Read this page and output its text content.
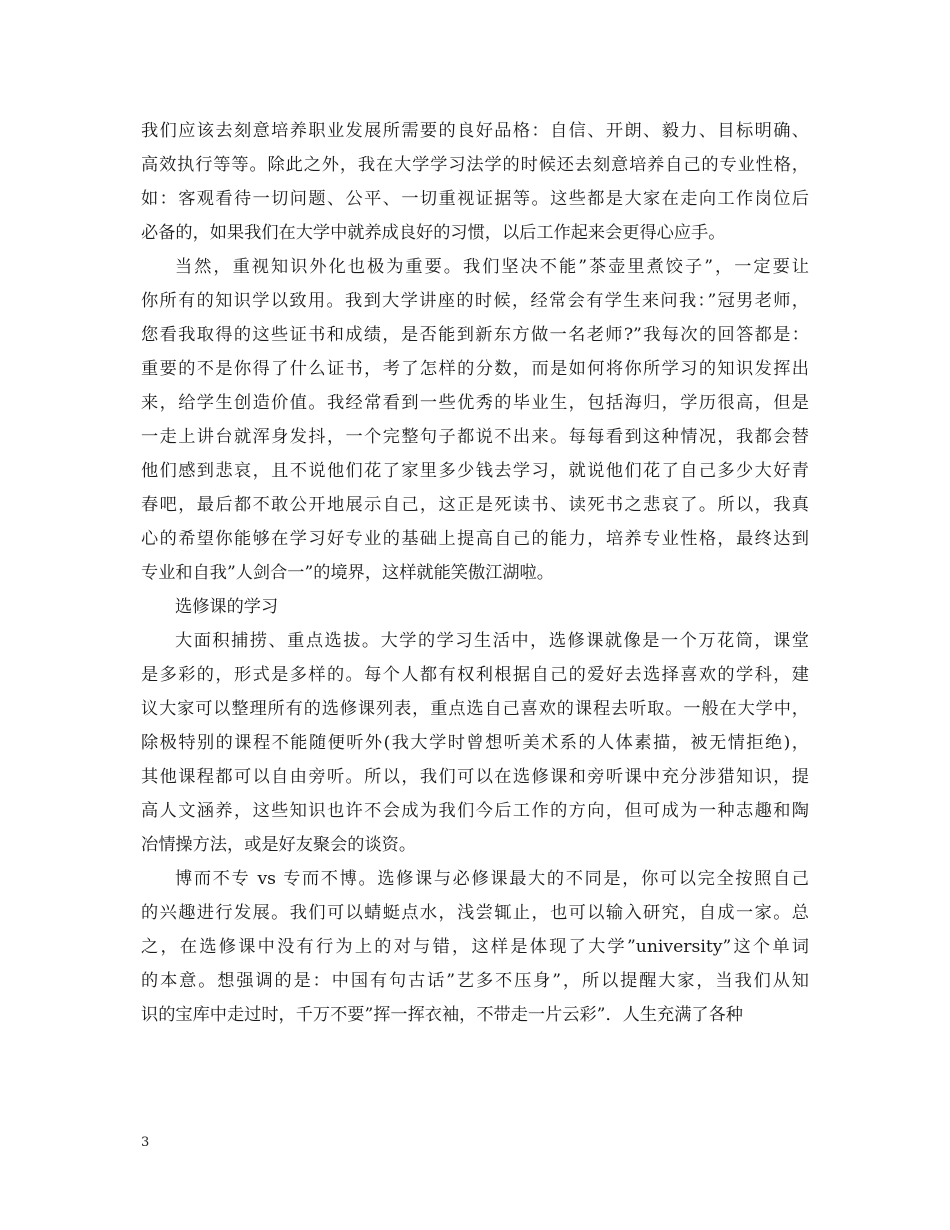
我们应该去刻意培养职业发展所需要的良好品格：自信、开朗、毅力、目标明确、
高效执行等等。除此之外，我在大学学习法学的时候还去刻意培养自己的专业性格，
如：客观看待一切问题、公平、一切重视证据等。这些都是大家在走向工作岗位后
必备的，如果我们在大学中就养成良好的习惯，以后工作起来会更得心应手。
当然，重视知识外化也极为重要。我们坚决不能”茶壶里煮饺子”，一定要让
你所有的知识学以致用。我到大学讲座的时候，经常会有学生来问我：”冠男老师，
您看我取得的这些证书和成绩，是否能到新东方做一名老师?”我每次的回答都是：
重要的不是你得了什么证书，考了怎样的分数，而是如何将你所学习的知识发挥出
来，给学生创造价值。我经常看到一些优秀的毕业生，包括海归，学历很高，但是
一走上讲台就浑身发抖，一个完整句子都说不出来。每每看到这种情况，我都会替
他们感到悲哀，且不说他们花了家里多少钱去学习，就说他们花了自己多少大好青
春吧，最后都不敢公开地展示自己，这正是死读书、读死书之悲哀了。所以，我真
心的希望你能够在学习好专业的基础上提高自己的能力，培养专业性格，最终达到
专业和自我”人剑合一”的境界，这样就能笑傲江湖啦。
选修课的学习
大面积捕捞、重点选拔。大学的学习生活中，选修课就像是一个万花筒，课堂
是多彩的，形式是多样的。每个人都有权利根据自己的爱好去选择喜欢的学科，建
议大家可以整理所有的选修课列表，重点选自己喜欢的课程去听取。一般在大学中，
除极特别的课程不能随便听外(我大学时曾想听美术系的人体素描，被无情拒绝)，
其他课程都可以自由旁听。所以，我们可以在选修课和旁听课中充分涉猎知识，提
高人文涵养，这些知识也许不会成为我们今后工作的方向，但可成为一种志趣和陶
冶情操方法，或是好友聚会的谈资。
博而不专 vs 专而不博。选修课与必修课最大的不同是，你可以完全按照自己
的兴趣进行发展。我们可以蜻蜓点水，浅尝辄止，也可以输入研究，自成一家。总
之，在选修课中没有行为上的对与错，这样是体现了大学”university”这个单词
的本意。想强调的是：中国有句古话”艺多不压身”，所以提醒大家，当我们从知
识的宝库中走过时，千万不要”挥一挥衣袖，不带走一片云彩”．人生充满了各种
3
